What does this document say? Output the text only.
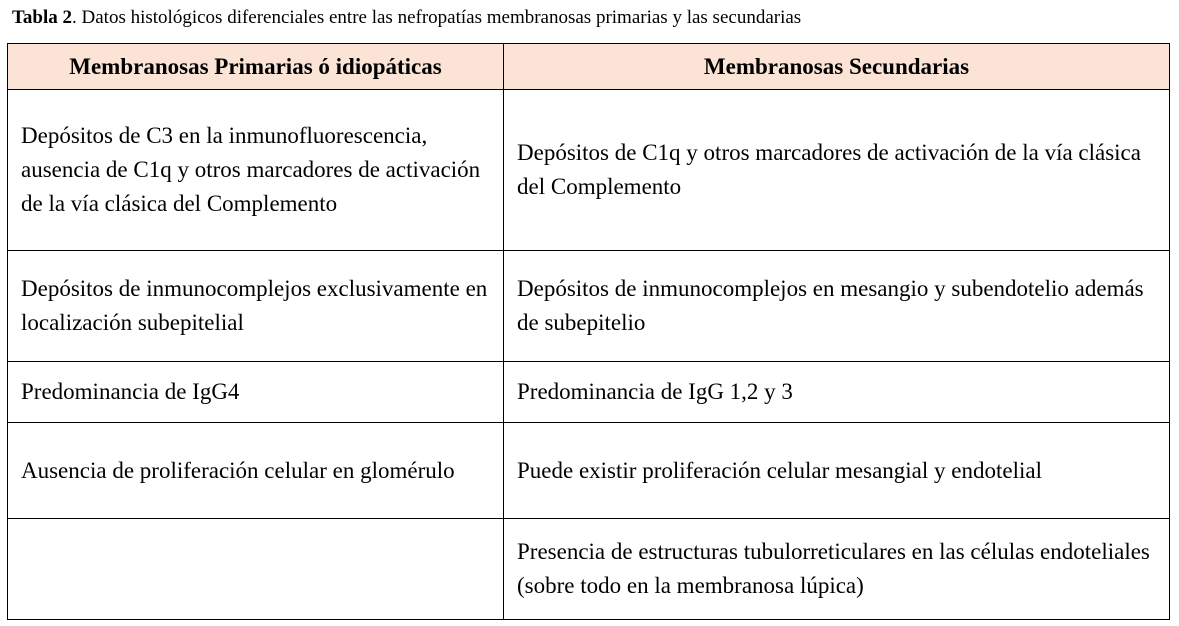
Tabla 2. Datos histológicos diferenciales entre las nefropatías membranosas primarias y las secundarias
Membranosas Primarias ó idiopáticas	Membranosas Secundarias
Depósitos de C3 en la inmunofluorescencia, ausencia de C1q y otros marcadores de activación de la vía clásica del Complemento	Depósitos de C1q y otros marcadores de activación de la vía clásica del Complemento
Depósitos de inmunocomplejos exclusivamente en localización subepitelial	Depósitos de inmunocomplejos en mesangio y subendotelio además de subepitelio
Predominancia de IgG4	Predominancia de IgG 1,2 y 3
Ausencia de proliferación celular en glomérulo	Puede existir proliferación celular mesangial y endotelial
	Presencia de estructuras tubulorreticulares en las células endoteliales (sobre todo en la membranosa lúpica)
